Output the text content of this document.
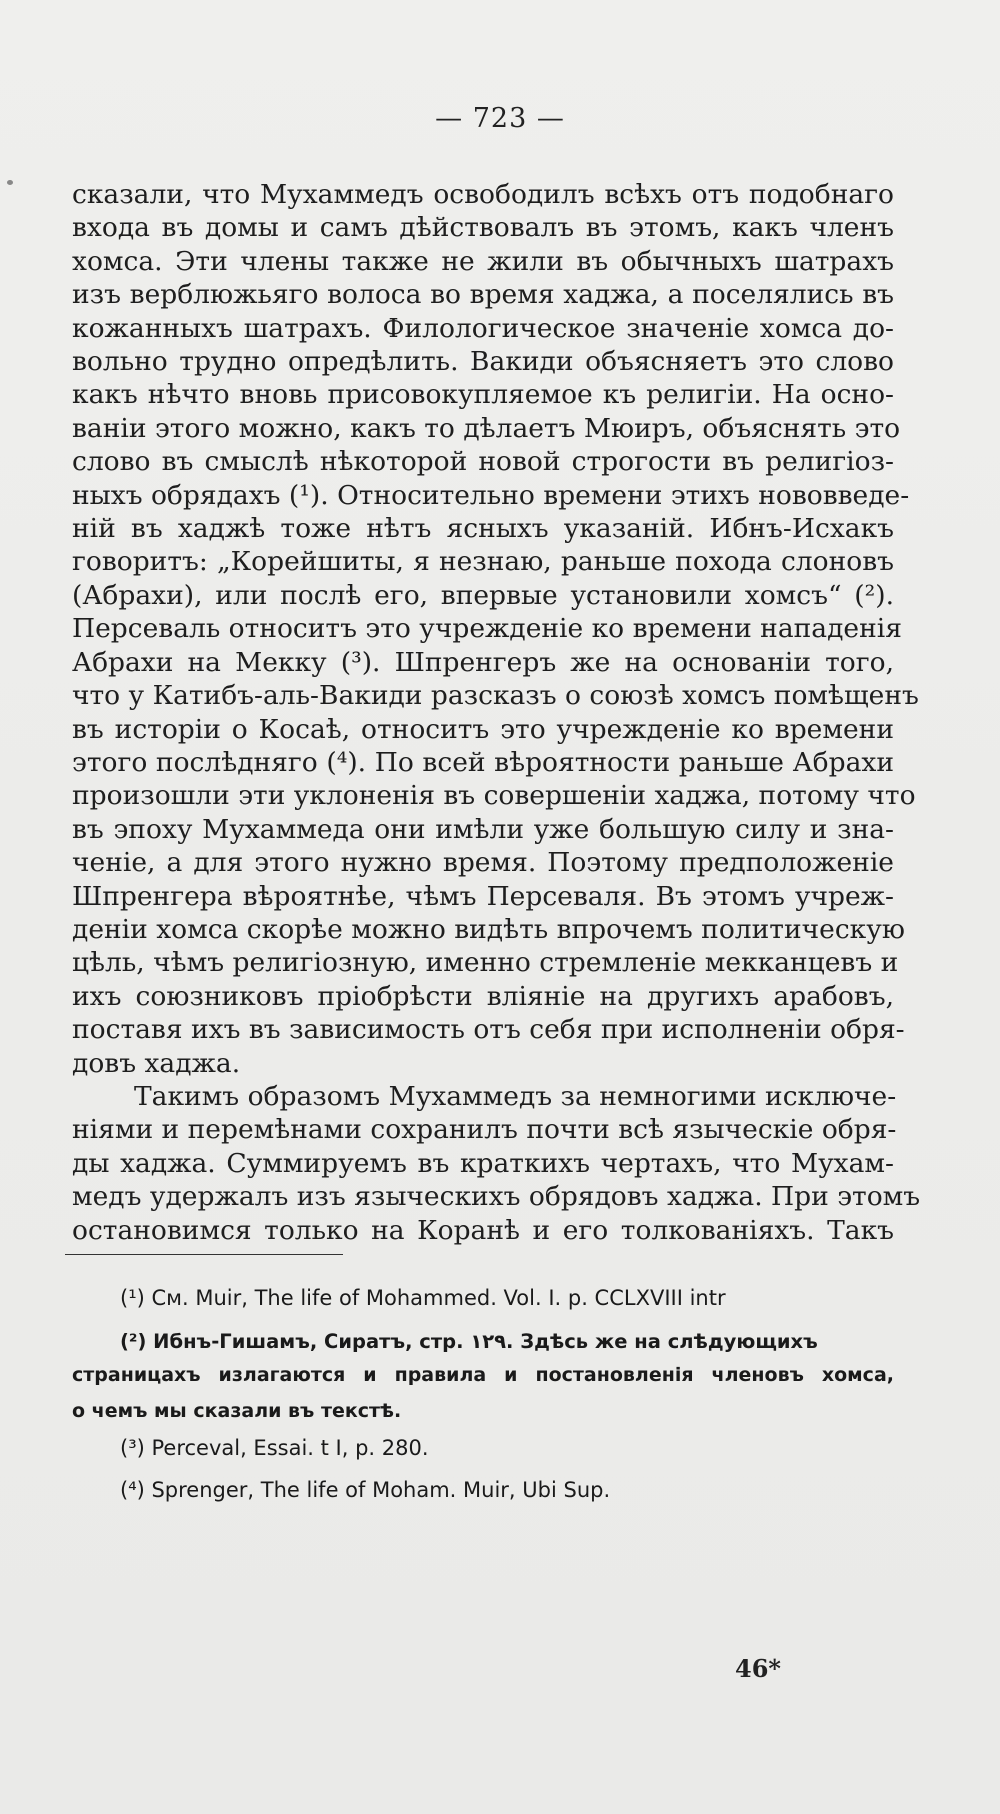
— 723 —
сказали, что Мухаммедъ освободилъ всѣхъ отъ подобнаго
входа въ домы и самъ дѣйствовалъ въ этомъ, какъ членъ
хомса. Эти члены также не жили въ обычныхъ шатрахъ
изъ верблюжьяго волоса во время хаджа, а поселялись въ
кожанныхъ шатрахъ. Филологическое значеніе хомса до-
вольно трудно опредѣлить. Вакиди объясняетъ это слово
какъ нѣчто вновь присовокупляемое къ религіи. На осно-
ваніи этого можно, какъ то дѣлаетъ Мюиръ, объяснять это
слово въ смыслѣ нѣкоторой новой строгости въ религіоз-
ныхъ обрядахъ (¹). Относительно времени этихъ нововведе-
ній въ хаджѣ тоже нѣтъ ясныхъ указаній. Ибнъ-Исхакъ
говоритъ: „Корейшиты, я незнаю, раньше похода слоновъ
(Абрахи), или послѣ его, впервые установили хомсъ“ (²).
Персеваль относитъ это учрежденіе ко времени нападенія
Абрахи на Мекку (³). Шпренгеръ же на основаніи того,
что у Катибъ-аль-Вакиди разсказъ о союзѣ хомсъ помѣщенъ
въ исторіи о Косаѣ, относитъ это учрежденіе ко времени
этого послѣдняго (⁴). По всей вѣроятности раньше Абрахи
произошли эти уклоненія въ совершеніи хаджа, потому что
въ эпоху Мухаммеда они имѣли уже большую силу и зна-
ченіе, а для этого нужно время. Поэтому предположеніе
Шпренгера вѣроятнѣе, чѣмъ Персеваля. Въ этомъ учреж-
деніи хомса скорѣе можно видѣть впрочемъ политическую
цѣль, чѣмъ религіозную, именно стремленіе мекканцевъ и
ихъ союзниковъ пріобрѣсти вліяніе на другихъ арабовъ,
поставя ихъ въ зависимость отъ себя при исполненіи обря-
довъ хаджа.
Такимъ образомъ Мухаммедъ за немногими исключе-
ніями и перемѣнами сохранилъ почти всѣ языческіе обря-
ды хаджа. Суммируемъ въ краткихъ чертахъ, что Мухам-
медъ удержалъ изъ языческихъ обрядовъ хаджа. При этомъ
остановимся только на Коранѣ и его толкованіяхъ. Такъ
(¹) См. Muir, The life of Mohammed. Vol. I. p. CCLXVIII intr
(²) Ибнъ-Гишамъ, Сиратъ, стр. ١٢٩. Здѣсь же на слѣдующихъ
страницахъ излагаются и правила и постановленія членовъ хомса,
о чемъ мы сказали въ текстѣ.
(³) Perceval, Essai. t I, p. 280.
(⁴) Sprenger, The life of Moham. Muir, Ubi Sup.
46*
